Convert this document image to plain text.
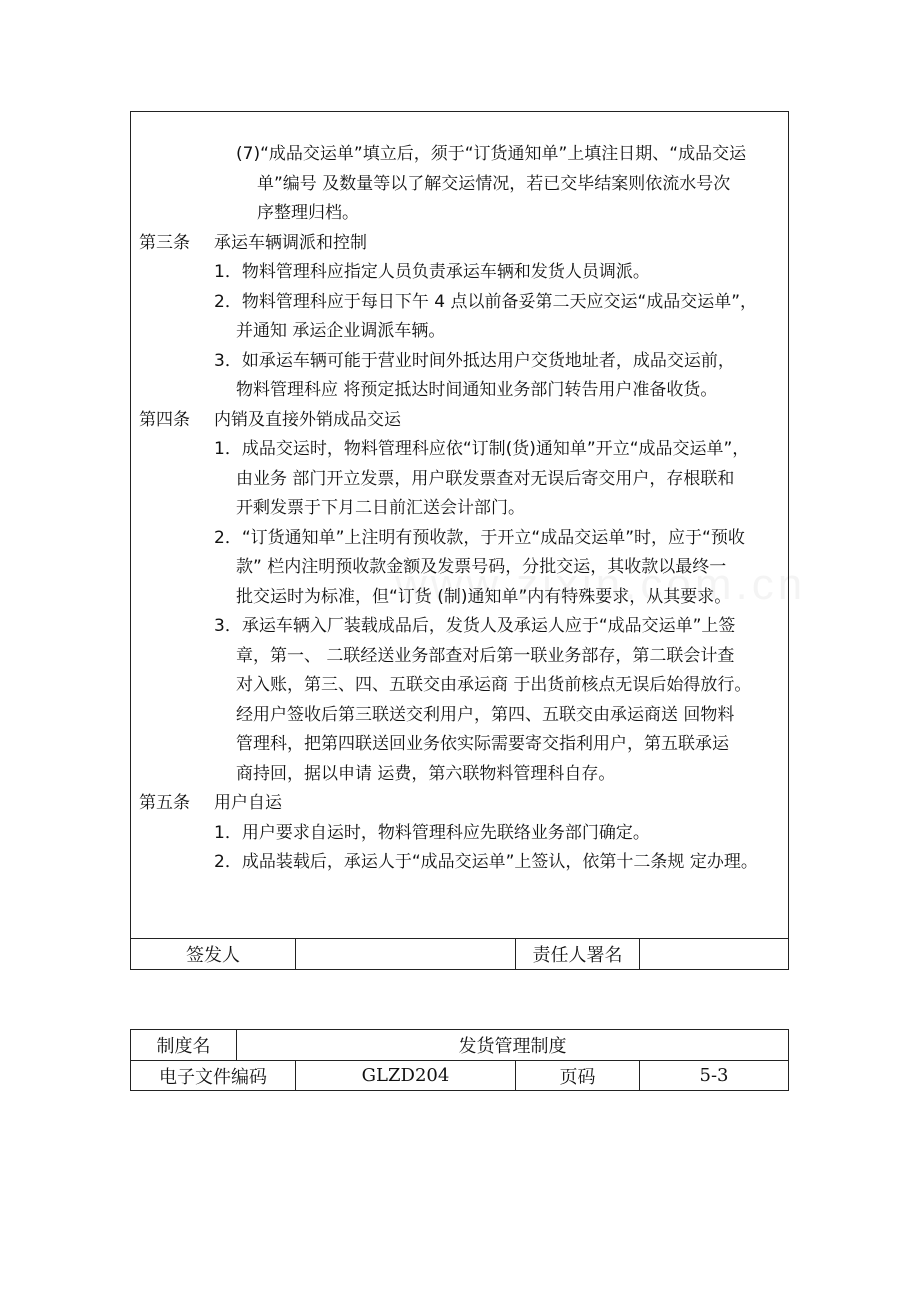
(7)“成品交运单”填立后，须于“订货通知单”上填注日期、“成品交运
单”编号 及数量等以了解交运情况，若已交毕结案则依流水号次
序整理归档。
第三条 承运车辆调派和控制
1．物料管理科应指定人员负责承运车辆和发货人员调派。
2．物料管理科应于每日下午 4 点以前备妥第二天应交运“成品交运单”，
并通知 承运企业调派车辆。
3．如承运车辆可能于营业时间外抵达用户交货地址者，成品交运前，
物料管理科应 将预定抵达时间通知业务部门转告用户准备收货。
第四条 内销及直接外销成品交运
1．成品交运时，物料管理科应依“订制(货)通知单”开立“成品交运单”，
由业务 部门开立发票，用户联发票查对无误后寄交用户，存根联和
开剩发票于下月二日前汇送会计部门。
2．“订货通知单”上注明有预收款，于开立“成品交运单”时，应于“预收
款” 栏内注明预收款金额及发票号码，分批交运，其收款以最终一
批交运时为标准，但“订货 (制)通知单”内有特殊要求，从其要求。
3．承运车辆入厂装载成品后，发货人及承运人应于“成品交运单”上签
章，第一、 二联经送业务部查对后第一联业务部存，第二联会计查
对入账，第三、四、五联交由承运商 于出货前核点无误后始得放行。
经用户签收后第三联送交利用户，第四、五联交由承运商送 回物料
管理科，把第四联送回业务依实际需要寄交指利用户，第五联承运
商持回，据以申请 运费，第六联物料管理科自存。
第五条 用户自运
1．用户要求自运时，物料管理科应先联络业务部门确定。
2．成品装载后，承运人于“成品交运单”上签认，依第十二条规 定办理。
签发人	责任人署名
制度名	发货管理制度
电子文件编码	GLZD204	页码	5-3
